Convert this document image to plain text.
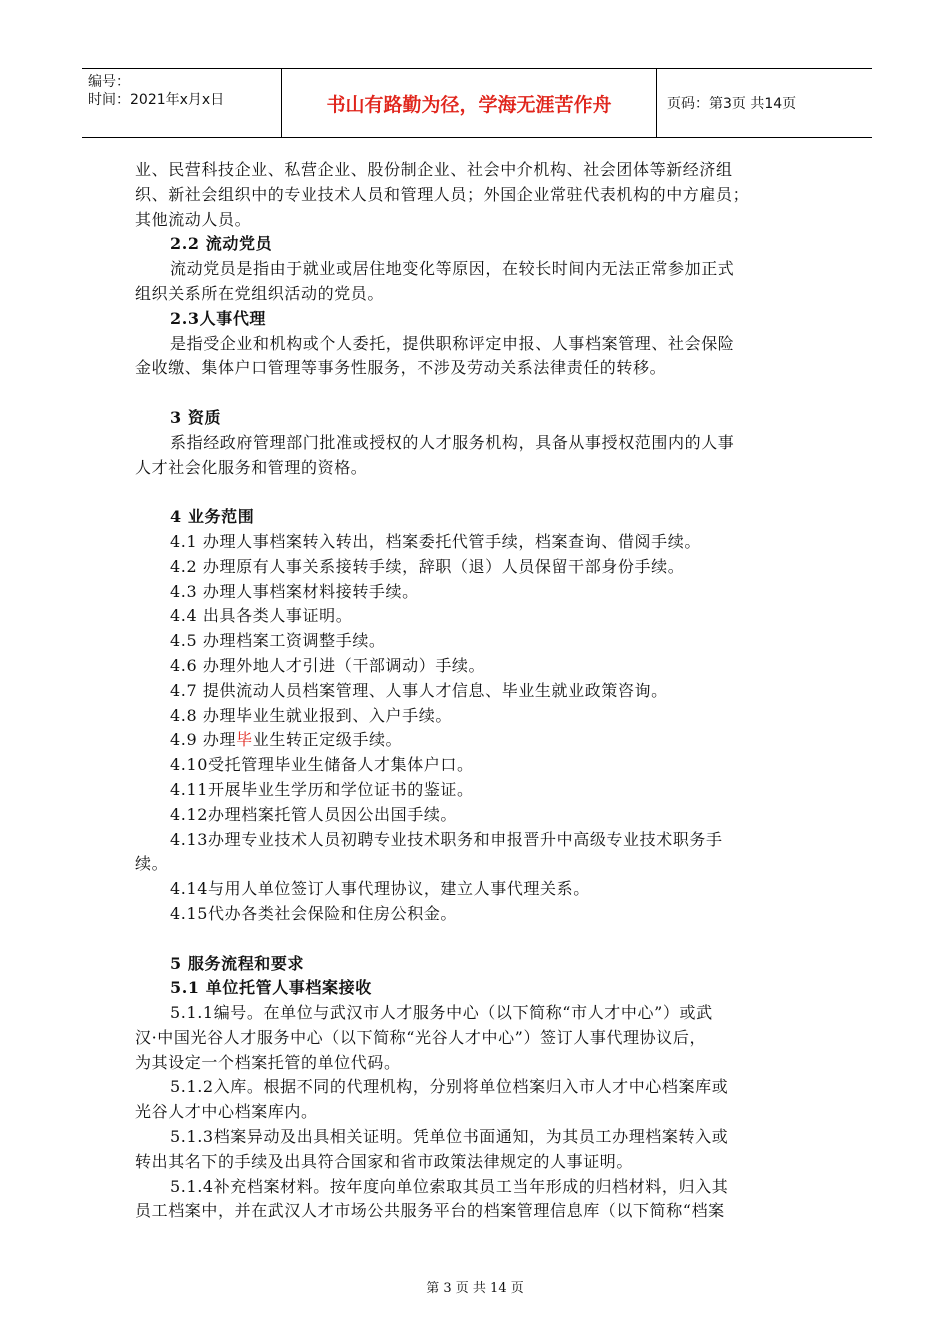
编号：
时间：2021年x月x日	书山有路勤为径，学海无涯苦作舟	页码：第3页 共14页
业、民营科技企业、私营企业、股份制企业、社会中介机构、社会团体等新经济组
织、新社会组织中的专业技术人员和管理人员；外国企业常驻代表机构的中方雇员；
其他流动人员。
2.2 流动党员
流动党员是指由于就业或居住地变化等原因，在较长时间内无法正常参加正式
组织关系所在党组织活动的党员。
2.3人事代理
是指受企业和机构或个人委托，提供职称评定申报、人事档案管理、社会保险
金收缴、集体户口管理等事务性服务，不涉及劳动关系法律责任的转移。
3 资质
系指经政府管理部门批准或授权的人才服务机构，具备从事授权范围内的人事
人才社会化服务和管理的资格。
4 业务范围
4.1 办理人事档案转入转出，档案委托代管手续，档案查询、借阅手续。
4.2 办理原有人事关系接转手续，辞职（退）人员保留干部身份手续。
4.3 办理人事档案材料接转手续。
4.4 出具各类人事证明。
4.5 办理档案工资调整手续。
4.6 办理外地人才引进（干部调动）手续。
4.7 提供流动人员档案管理、人事人才信息、毕业生就业政策咨询。
4.8 办理毕业生就业报到、入户手续。
4.9 办理毕业生转正定级手续。
4.10受托管理毕业生储备人才集体户口。
4.11开展毕业生学历和学位证书的鉴证。
4.12办理档案托管人员因公出国手续。
4.13办理专业技术人员初聘专业技术职务和申报晋升中高级专业技术职务手
续。
4.14与用人单位签订人事代理协议，建立人事代理关系。
4.15代办各类社会保险和住房公积金。
5 服务流程和要求
5.1 单位托管人事档案接收
5.1.1编号。在单位与武汉市人才服务中心（以下简称“市人才中心”）或武
汉·中国光谷人才服务中心（以下简称“光谷人才中心”）签订人事代理协议后，
为其设定一个档案托管的单位代码。
5.1.2入库。根据不同的代理机构，分别将单位档案归入市人才中心档案库或
光谷人才中心档案库内。
5.1.3档案异动及出具相关证明。凭单位书面通知，为其员工办理档案转入或
转出其名下的手续及出具符合国家和省市政策法律规定的人事证明。
5.1.4补充档案材料。按年度向单位索取其员工当年形成的归档材料，归入其
员工档案中，并在武汉人才市场公共服务平台的档案管理信息库（以下简称“档案
第 3 页 共 14 页
